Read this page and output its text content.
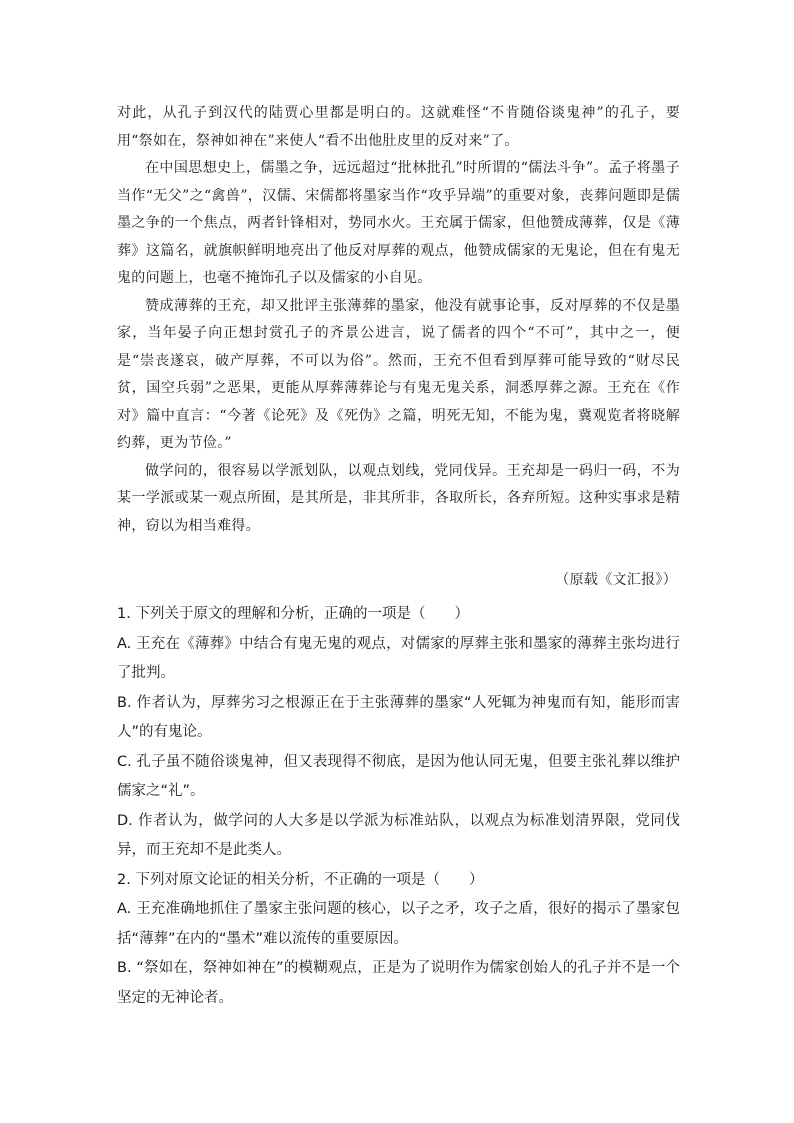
对此，从孔子到汉代的陆贾心里都是明白的。这就难怪“不肯随俗谈鬼神”的孔子，要用“祭如在，祭神如神在”来使人“看不出他肚皮里的反对来”了。

在中国思想史上，儒墨之争，远远超过“批林批孔”时所谓的“儒法斗争”。孟子将墨子当作“无父”之“禽兽”，汉儒、宋儒都将墨家当作“攻乎异端”的重要对象，丧葬问题即是儒墨之争的一个焦点，两者针锋相对，势同水火。王充属于儒家，但他赞成薄葬，仅是《薄葬》这篇名，就旗帜鲜明地亮出了他反对厚葬的观点，他赞成儒家的无鬼论，但在有鬼无鬼的问题上，也毫不掩饰孔子以及儒家的小自见。

赞成薄葬的王充，却又批评主张薄葬的墨家，他没有就事论事，反对厚葬的不仅是墨家，当年晏子向正想封赏孔子的齐景公进言，说了儒者的四个“不可”，其中之一，便是“崇丧遂哀，破产厚葬，不可以为俗”。然而，王充不但看到厚葬可能导致的“财尽民贫，国空兵弱”之恶果，更能从厚葬薄葬论与有鬼无鬼关系，洞悉厚葬之源。王充在《作对》篇中直言：“今著《论死》及《死伪》之篇，明死无知，不能为鬼，冀观览者将晓解约葬，更为节俭。”

做学问的，很容易以学派划队，以观点划线，党同伐异。王充却是一码归一码，不为某一学派或某一观点所囿，是其所是，非其所非，各取所长，各弃所短。这种实事求是精神，窃以为相当难得。

（原载《文汇报》）

1. 下列关于原文的理解和分析，正确的一项是（　　）

A. 王充在《薄葬》中结合有鬼无鬼的观点，对儒家的厚葬主张和墨家的薄葬主张均进行了批判。

B. 作者认为，厚葬劣习之根源正在于主张薄葬的墨家“人死辄为神鬼而有知，能形而害人”的有鬼论。

C. 孔子虽不随俗谈鬼神，但又表现得不彻底，是因为他认同无鬼，但要主张礼葬以维护儒家之“礼”。

D. 作者认为，做学问的人大多是以学派为标准站队，以观点为标准划清界限，党同伐异，而王充却不是此类人。

2. 下列对原文论证的相关分析，不正确的一项是（　　）

A. 王充准确地抓住了墨家主张问题的核心，以子之矛，攻子之盾，很好的揭示了墨家包括“薄葬”在内的“墨术”难以流传的重要原因。

B. “祭如在，祭神如神在”的模糊观点，正是为了说明作为儒家创始人的孔子并不是一个坚定的无神论者。
